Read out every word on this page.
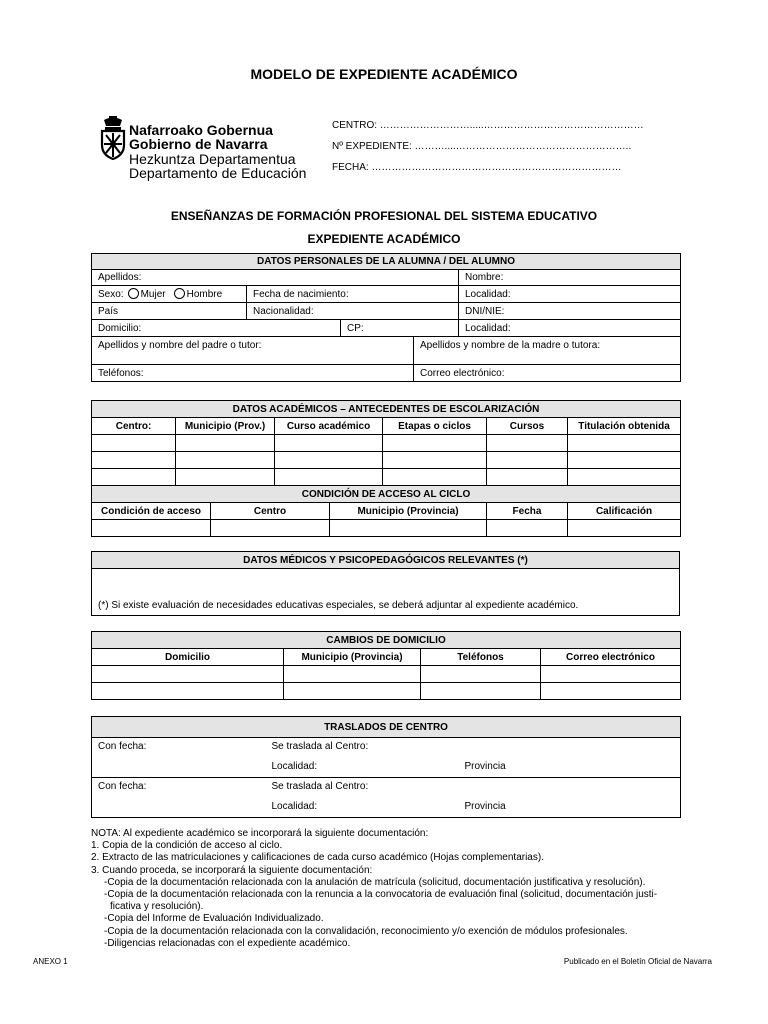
MODELO DE EXPEDIENTE ACADÉMICO
Nafarroako Gobernua
Gobierno de Navarra
Hezkuntza Departamentua
Departamento de Educación
CENTRO: ……………………….....…………………………………………
Nº EXPEDIENTE: ………....……………………………………………..
FECHA: …………………………………………………………………
ENSEÑANZAS DE FORMACIÓN PROFESIONAL DEL SISTEMA EDUCATIVO
EXPEDIENTE ACADÉMICO
DATOS PERSONALES DE LA ALUMNA / DEL ALUMNO				
Apellidos:				Nombre:
Sexo: Mujer Hombre	Fecha de nacimiento:			Localidad:
País	Nacionalidad:			DNI/NIE:
Domicilio:		CP:		Localidad:
Apellidos y nombre del padre o tutor:			Apellidos y nombre de la madre o tutora:	
Teléfonos:			Correo electrónico:	
DATOS ACADÉMICOS – ANTECEDENTES DE ESCOLARIZACIÓN							
Centro:	Municipio (Prov.)		Curso académico		Etapas o ciclos	Cursos	Titulación obtenida

CONDICIÓN DE ACCESO AL CICLO							
Condición de acceso		Centro		Municipio (Provincia)		Fecha	Calificación

DATOS MÉDICOS Y PSICOPEDAGÓGICOS RELEVANTES (*)
(*) Si existe evaluación de necesidades educativas especiales, se deberá adjuntar al expediente académico.
CAMBIOS DE DOMICILIO			
Domicilio	Municipio (Provincia)	Teléfonos	Correo electrónico

TRASLADOS DE CENTRO	
Con fecha:	Se traslada al Centro:
Localidad: Provincia

Con fecha:	Se traslada al Centro:
Localidad: Provincia
NOTA: Al expediente académico se incorporará la siguiente documentación:
1. Copia de la condición de acceso al ciclo.
2. Extracto de las matriculaciones y calificaciones de cada curso académico (Hojas complementarias).
3. Cuando proceda, se incorporará la siguiente documentación:
-Copia de la documentación relacionada con la anulación de matrícula (solicitud, documentación justificativa y resolución).
-Copia de la documentación relacionada con la renuncia a la convocatoria de evaluación final (solicitud, documentación justi-
ficativa y resolución).
-Copia del Informe de Evaluación Individualizado.
-Copia de la documentación relacionada con la convalidación, reconocimiento y/o exención de módulos profesionales.
-Diligencias relacionadas con el expediente académico.
ANEXO 1	Publicado en el Boletín Oficial de Navarra
